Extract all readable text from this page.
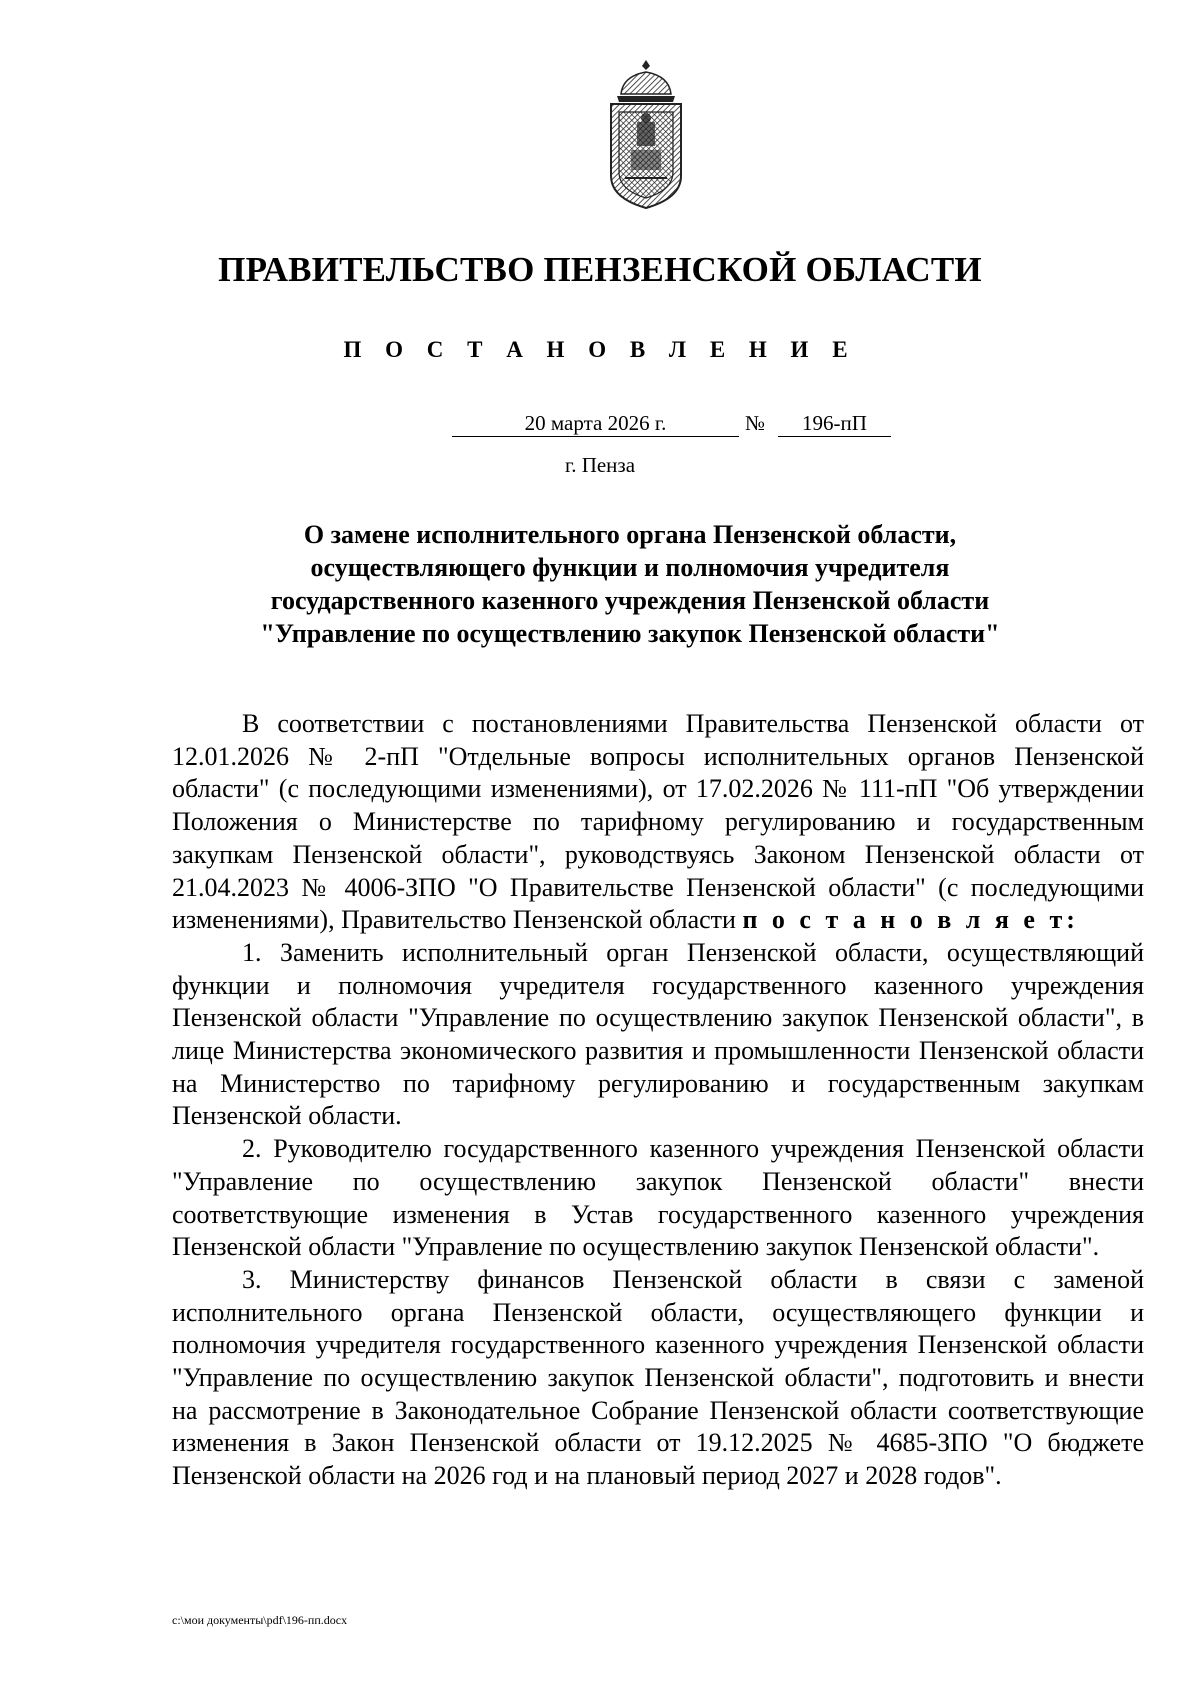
ПРАВИТЕЛЬСТВО ПЕНЗЕНСКОЙ ОБЛАСТИ
П О С Т А Н О В Л Е Н И Е
20 марта 2026 г.	№	196-пП
г. Пенза
О замене исполнительного органа Пензенской области,
осуществляющего функции и полномочия учредителя
государственного казенного учреждения Пензенской области
"Управление по осуществлению закупок Пензенской области"

В соответствии с постановлениями Правительства Пензенской области от 12.01.2026 № 2-пП "Отдельные вопросы исполнительных органов Пензенской области" (с последующими изменениями), от 17.02.2026 № 111-пП "Об утверждении Положения о Министерстве по тарифному регулированию и государственным закупкам Пензенской области", руководствуясь Законом Пензенской области от 21.04.2023 № 4006-ЗПО "О Правительстве Пензенской области" (с последующими изменениями), Правительство Пензенской области п о с т а н о в л я е т:

1. Заменить исполнительный орган Пензенской области, осуществляющий функции и полномочия учредителя государственного казенного учреждения Пензенской области "Управление по осуществлению закупок Пензенской области", в лице Министерства экономического развития и промышленности Пензенской области на Министерство по тарифному регулированию и государственным закупкам Пензенской области.

2. Руководителю государственного казенного учреждения Пензенской области "Управление по осуществлению закупок Пензенской области" внести соответствующие изменения в Устав государственного казенного учреждения Пензенской области "Управление по осуществлению закупок Пензенской области".

3. Министерству финансов Пензенской области в связи с заменой исполнительного органа Пензенской области, осуществляющего функции и полномочия учредителя государственного казенного учреждения Пензенской области "Управление по осуществлению закупок Пензенской области", подготовить и внести на рассмотрение в Законодательное Собрание Пензенской области соответствующие изменения в Закон Пензенской области от 19.12.2025 № 4685-ЗПО "О бюджете Пензенской области на 2026 год и на плановый период 2027 и 2028 годов".

c:\мои документы\pdf\196-пп.docx
